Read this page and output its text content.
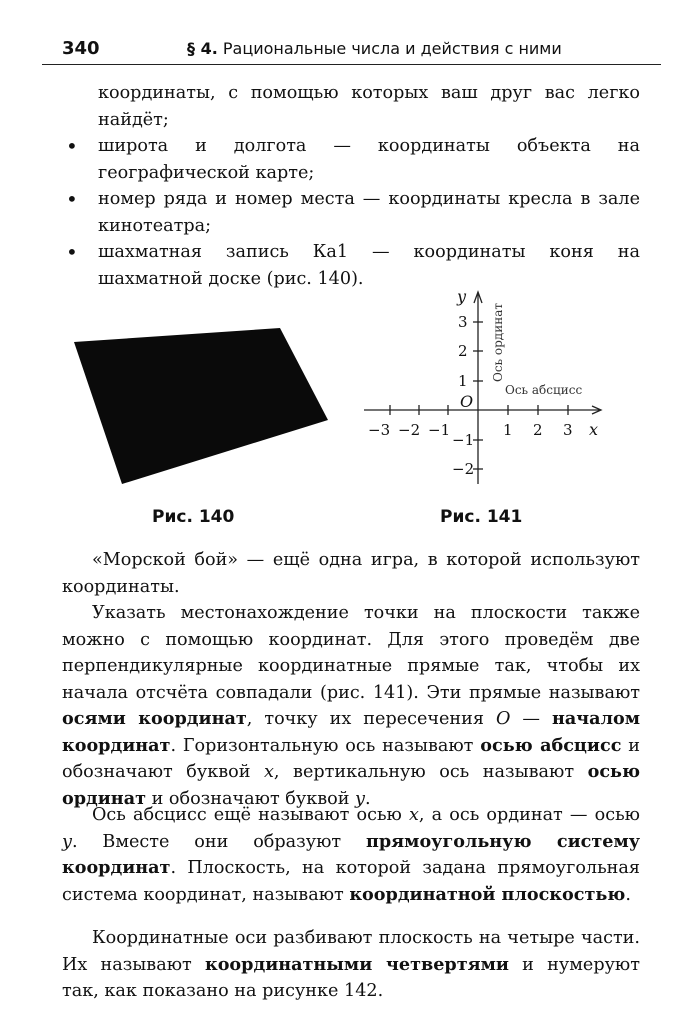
340	§ 4. Рациональные числа и действия с ними

координаты, с помощью которых ваш друг вас легко найдёт;

• широта и долгота — координаты объекта на географической карте;
• номер ряда и номер места — координаты кресла в зале кинотеатра;
• шахматная запись Ка1 — координаты коня на шахматной доске (рис. 140).
y
x
O
3
2
1
−1
−2
−3 −2 −1	1 2 3
Ось абсцисс
Ось ординат
Рис. 140	Рис. 141

«Морской бой» — ещё одна игра, в которой используют координаты.

Указать местонахождение точки на плоскости также можно с помощью координат. Для этого проведём две перпендикулярные координатные прямые так, чтобы их начала отсчёта совпадали (рис. 141). Эти прямые называют осями координат, точку их пересечения O — началом координат. Горизонтальную ось называют осью абсцисс и обозначают буквой x, вертикальную ось называют осью ординат и обозначают буквой y.

Ось абсцисс ещё называют осью x, а ось ординат — осью y. Вместе они образуют прямоугольную систему координат. Плоскость, на которой задана прямоугольная система координат, называют координатной плоскостью.

Координатные оси разбивают плоскость на четыре части. Их называют координатными четвертями и нумеруют так, как показано на рисунке 142.
